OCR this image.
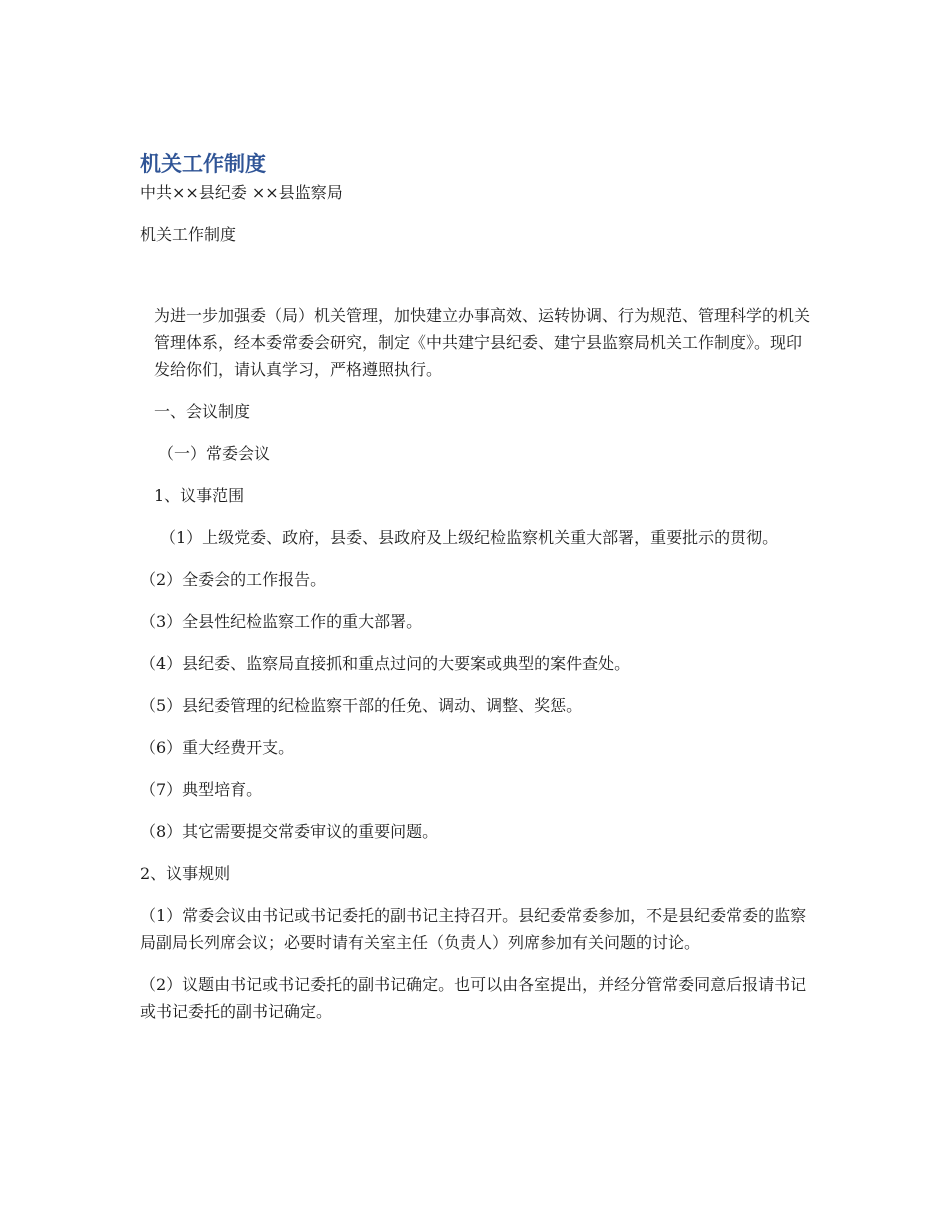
机关工作制度

中共××县纪委 ××县监察局

机关工作制度

为进一步加强委（局）机关管理，加快建立办事高效、运转协调、行为规范、管理科学的机关管理体系，经本委常委会研究，制定《中共建宁县纪委、建宁县监察局机关工作制度》。现印发给你们，请认真学习，严格遵照执行。

一、会议制度

（一）常委会议

1、议事范围

（1）上级党委、政府，县委、县政府及上级纪检监察机关重大部署，重要批示的贯彻。

（2）全委会的工作报告。

（3）全县性纪检监察工作的重大部署。

（4）县纪委、监察局直接抓和重点过问的大要案或典型的案件查处。

（5）县纪委管理的纪检监察干部的任免、调动、调整、奖惩。

（6）重大经费开支。

（7）典型培育。

（8）其它需要提交常委审议的重要问题。

2、议事规则

（1）常委会议由书记或书记委托的副书记主持召开。县纪委常委参加，不是县纪委常委的监察局副局长列席会议；必要时请有关室主任（负责人）列席参加有关问题的讨论。

（2）议题由书记或书记委托的副书记确定。也可以由各室提出，并经分管常委同意后报请书记或书记委托的副书记确定。
